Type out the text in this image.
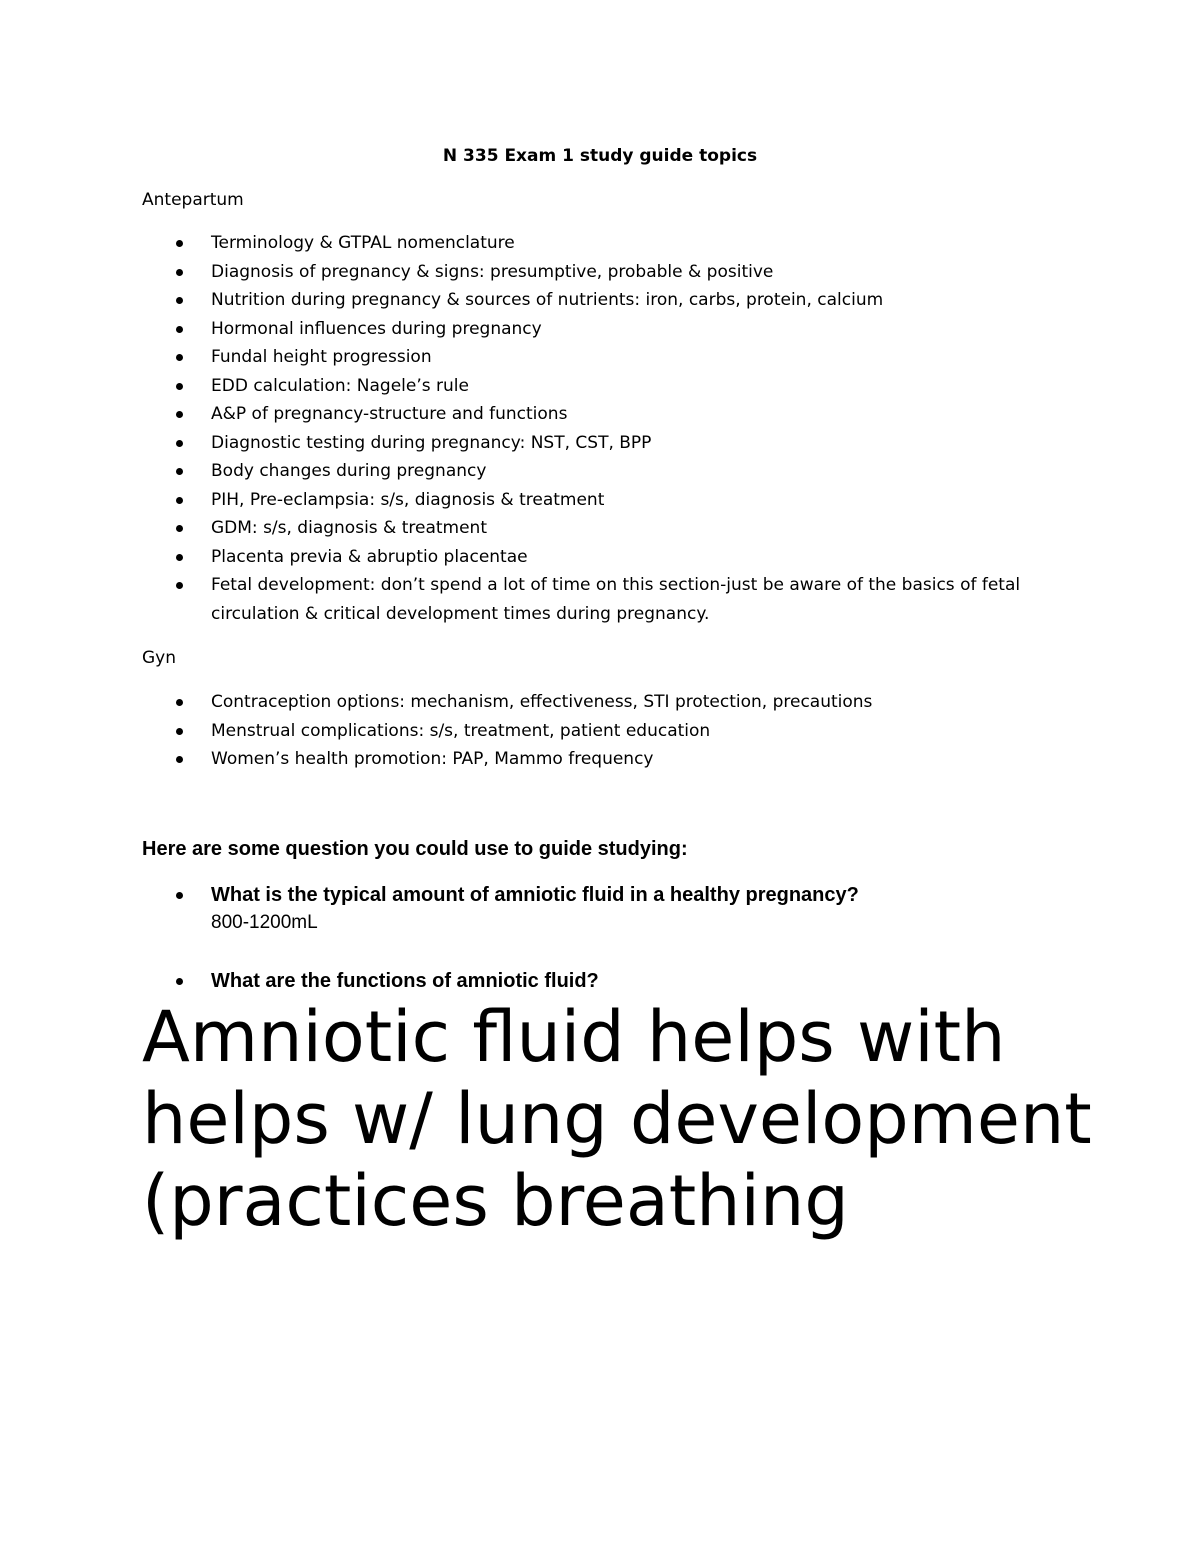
N 335 Exam 1 study guide topics
Antepartum
Terminology & GTPAL nomenclature
Diagnosis of pregnancy & signs: presumptive, probable & positive
Nutrition during pregnancy & sources of nutrients: iron, carbs, protein, calcium
Hormonal influences during pregnancy
Fundal height progression
EDD calculation: Nagele’s rule
A&P of pregnancy-structure and functions
Diagnostic testing during pregnancy: NST, CST, BPP
Body changes during pregnancy
PIH, Pre-eclampsia: s/s, diagnosis & treatment
GDM: s/s, diagnosis & treatment
Placenta previa & abruptio placentae
Fetal development: don’t spend a lot of time on this section-just be aware of the basics of fetal circulation & critical development times during pregnancy.
Gyn
Contraception options: mechanism, effectiveness, STI protection, precautions
Menstrual complications: s/s, treatment, patient education
Women’s health promotion: PAP, Mammo frequency
Here are some question you could use to guide studying:
What is the typical amount of amniotic fluid in a healthy pregnancy?
800-1200mL
What are the functions of amniotic fluid?

Amniotic fluid helps with helps w/ lung development (practices breathing
